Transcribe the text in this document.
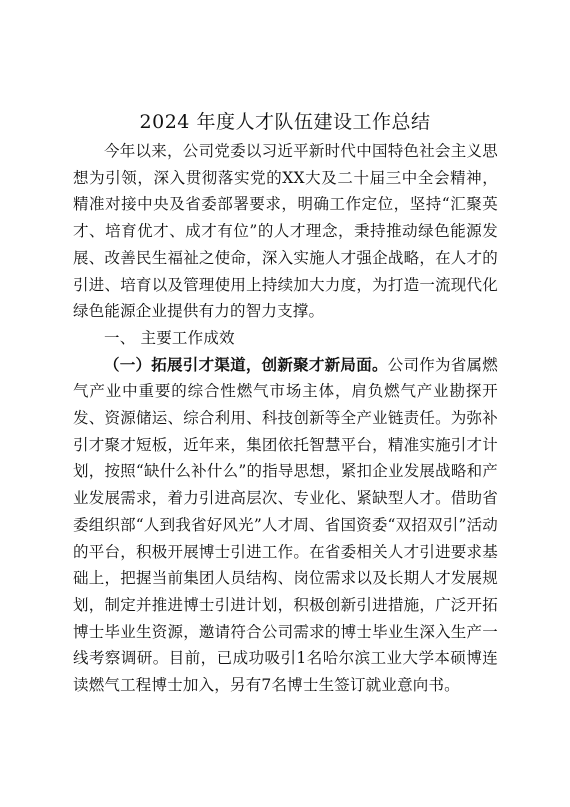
2024 年度人才队伍建设工作总结

今年以来，公司党委以习近平新时代中国特色社会主义思想为引领，深入贯彻落实党的XX大及二十届三中全会精神，精准对接中央及省委部署要求，明确工作定位，坚持“汇聚英才、培育优才、成才有位”的人才理念，秉持推动绿色能源发展、改善民生福祉之使命，深入实施人才强企战略，在人才的引进、培育以及管理使用上持续加大力度，为打造一流现代化绿色能源企业提供有力的智力支撑。

一、 主要工作成效

（一）拓展引才渠道，创新聚才新局面。公司作为省属燃气产业中重要的综合性燃气市场主体，肩负燃气产业勘探开发、资源储运、综合利用、科技创新等全产业链责任。为弥补引才聚才短板，近年来，集团依托智慧平台，精准实施引才计划，按照“缺什么补什么”的指导思想，紧扣企业发展战略和产业发展需求，着力引进高层次、专业化、紧缺型人才。借助省委组织部“人到我省好风光”人才周、省国资委“双招双引”活动的平台，积极开展博士引进工作。在省委相关人才引进要求基础上，把握当前集团人员结构、岗位需求以及长期人才发展规划，制定并推进博士引进计划，积极创新引进措施，广泛开拓博士毕业生资源，邀请符合公司需求的博士毕业生深入生产一线考察调研。目前，已成功吸引1名哈尔滨工业大学本硕博连读燃气工程博士加入，另有7名博士生签订就业意向书。
